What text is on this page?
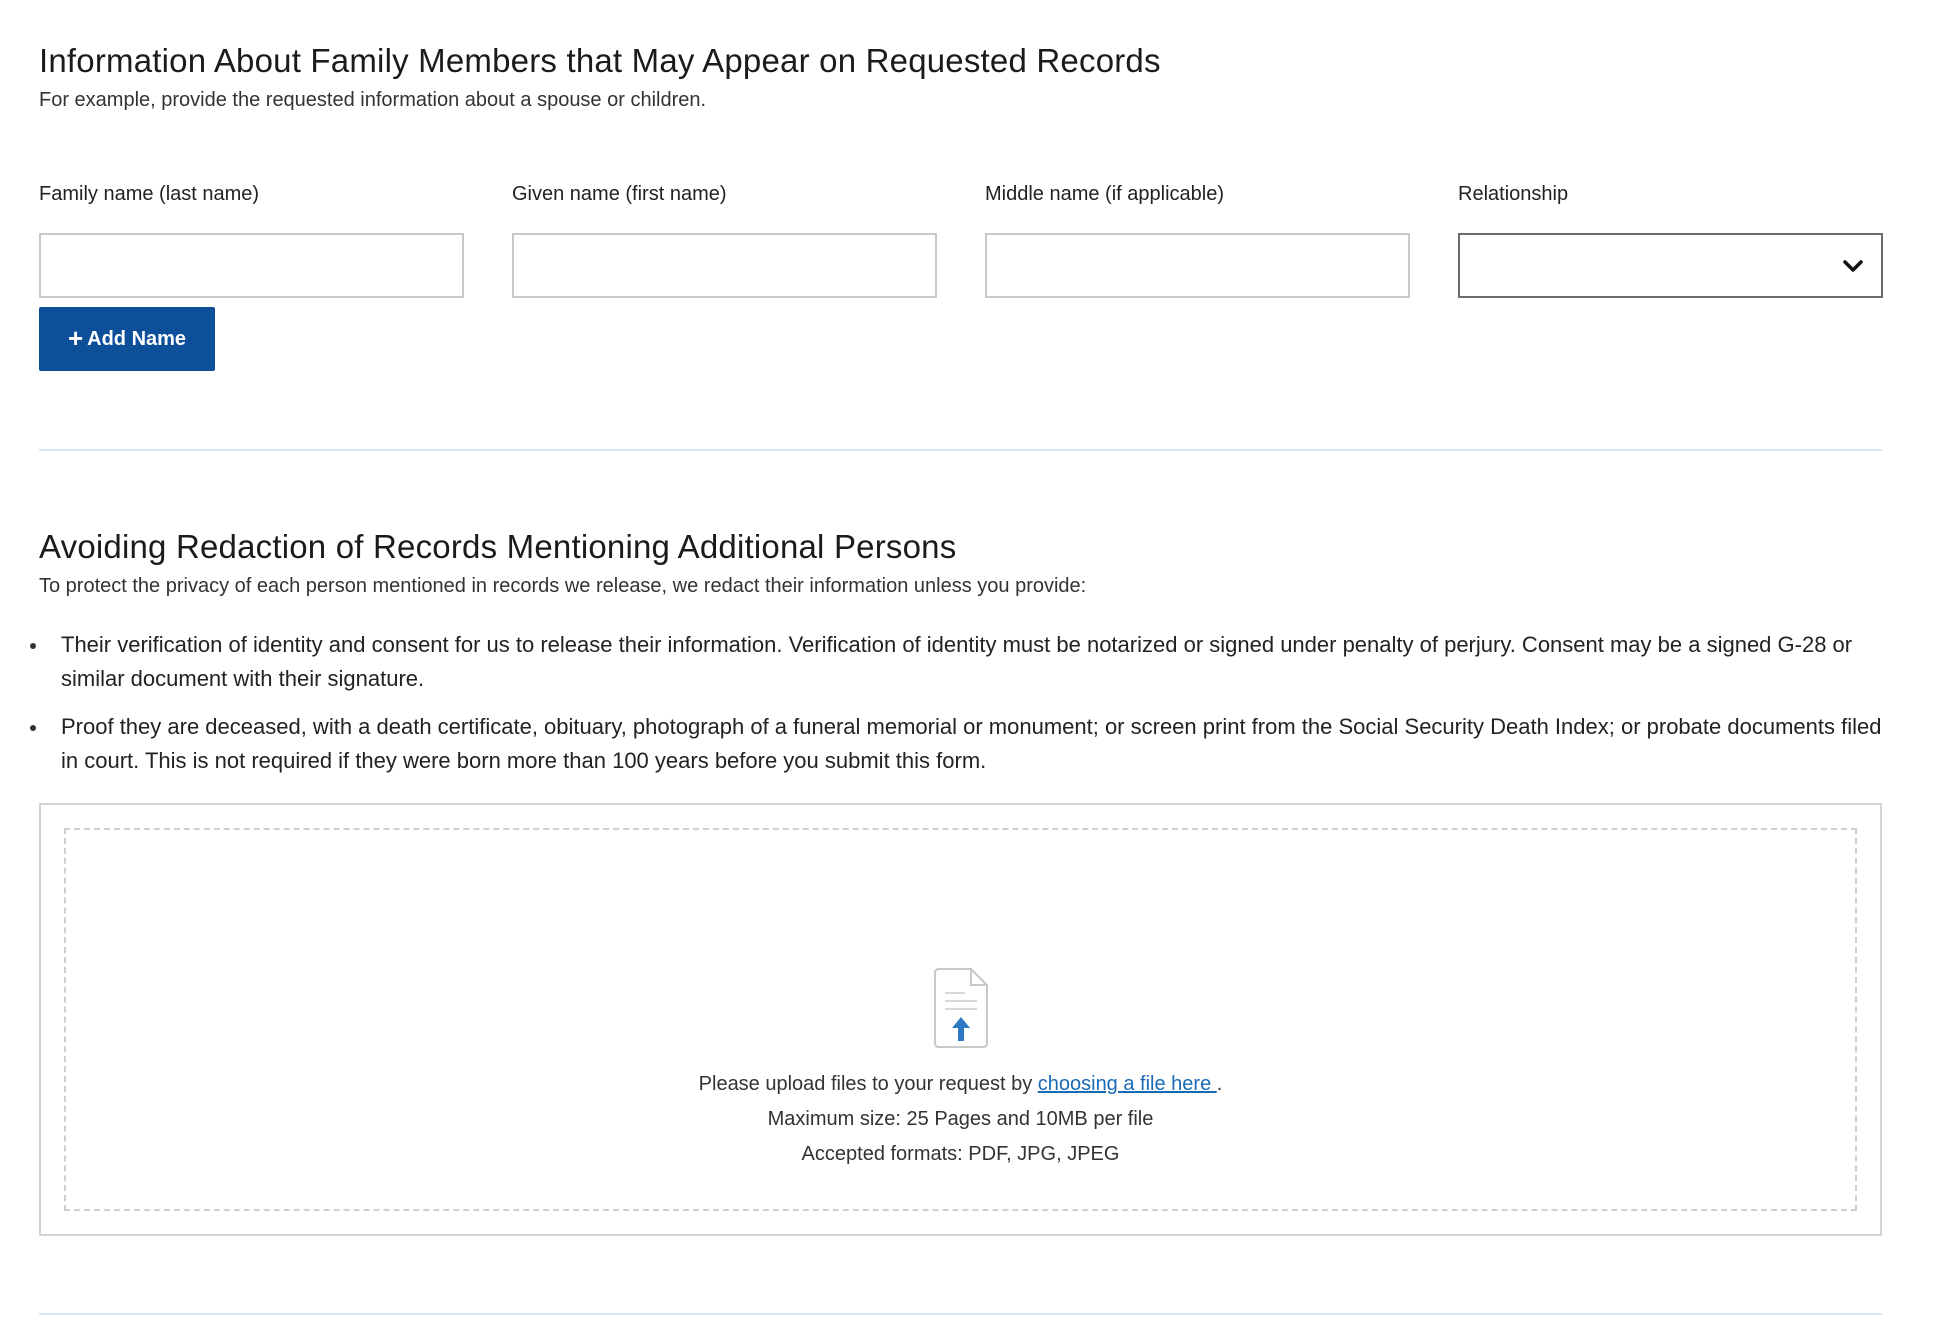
Information About Family Members that May Appear on Requested Records

For example, provide the requested information about a spouse or children.

Family name (last name)	Given name (first name)	Middle name (if applicable)	Relationship
+ Add Name
Avoiding Redaction of Records Mentioning Additional Persons

To protect the privacy of each person mentioned in records we release, we redact their information unless you provide:

Their verification of identity and consent for us to release their information. Verification of identity must be notarized or signed under penalty of perjury. Consent may be a signed G-28 or similar document with their signature.
Proof they are deceased, with a death certificate, obituary, photograph of a funeral memorial or monument; or screen print from the Social Security Death Index; or probate documents filed in court. This is not required if they were born more than 100 years before you submit this form.
Please upload files to your request by choosing a file here .
Maximum size: 25 Pages and 10MB per file
Accepted formats: PDF, JPG, JPEG
